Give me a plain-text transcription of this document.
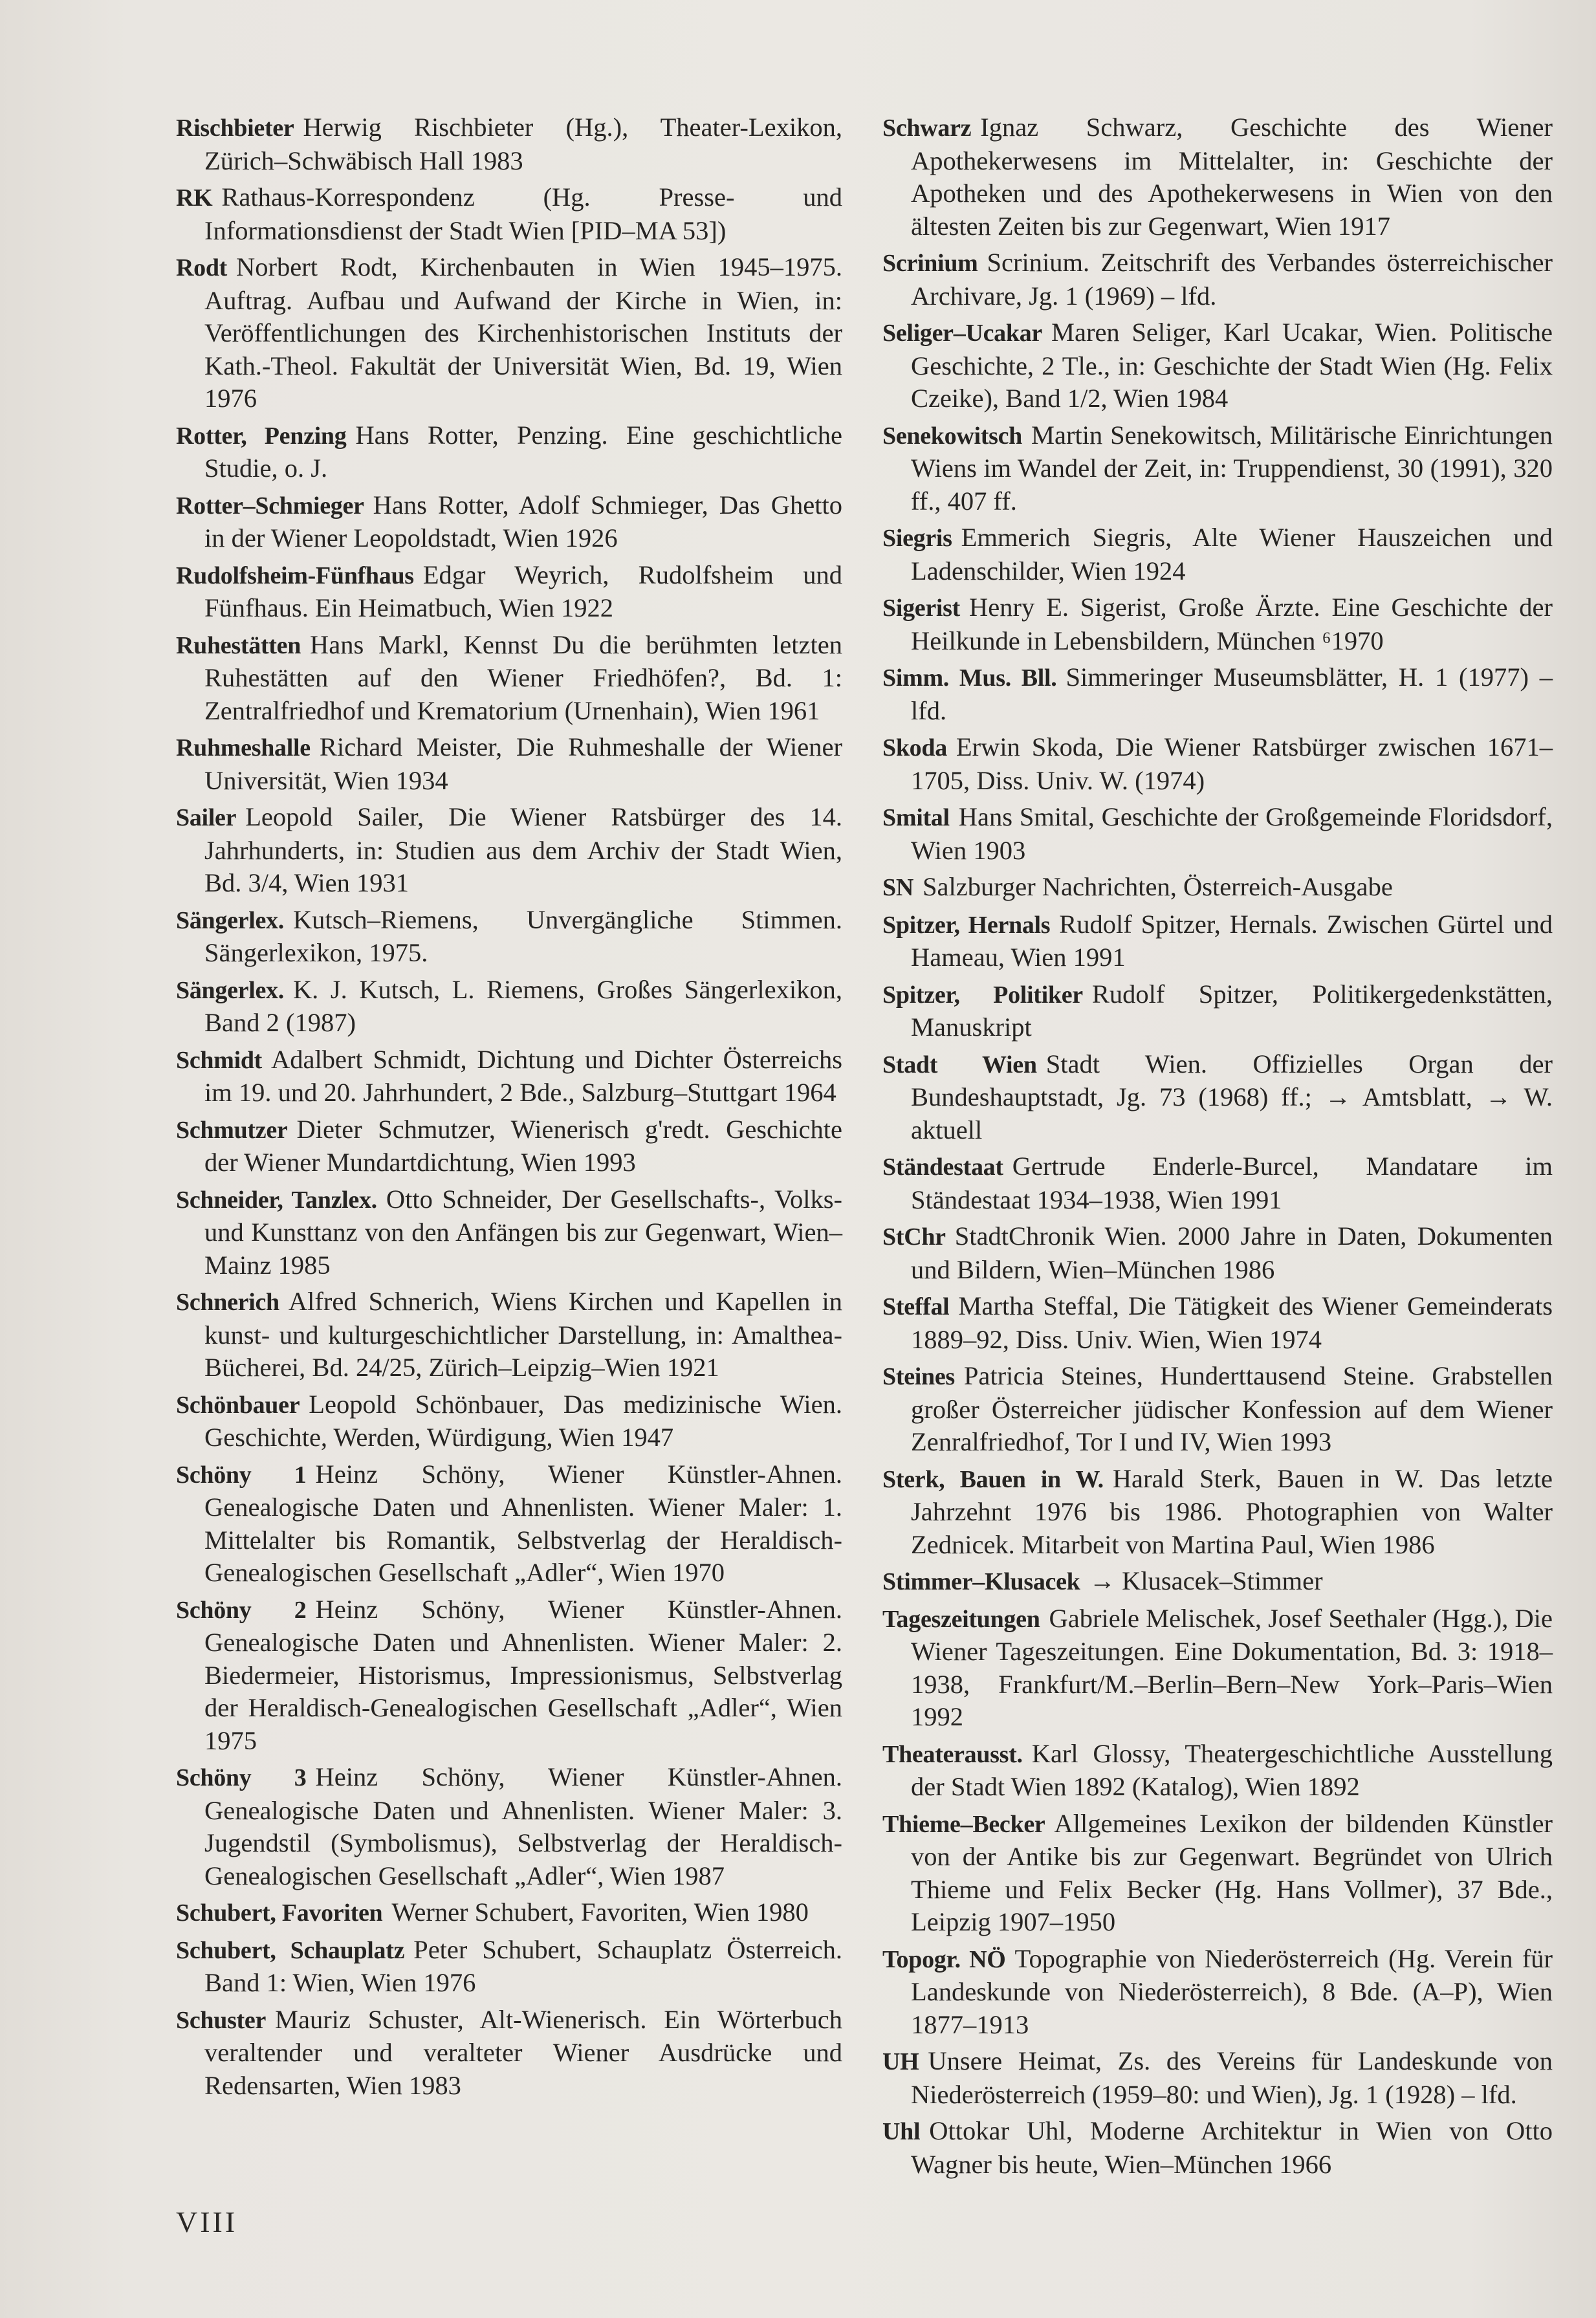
Rischbieter Herwig Rischbieter (Hg.), Theater-Lexikon, Zürich–Schwäbisch Hall 1983

RK Rathaus-Korrespondenz (Hg. Presse- und Informationsdienst der Stadt Wien [PID–MA 53])

Rodt Norbert Rodt, Kirchenbauten in Wien 1945–1975. Auftrag. Aufbau und Aufwand der Kirche in Wien, in: Veröffentlichungen des Kirchenhistorischen Instituts der Kath.-Theol. Fakultät der Universität Wien, Bd. 19, Wien 1976

Rotter, Penzing Hans Rotter, Penzing. Eine geschichtliche Studie, o. J.

Rotter–Schmieger Hans Rotter, Adolf Schmieger, Das Ghetto in der Wiener Leopoldstadt, Wien 1926

Rudolfsheim-Fünfhaus Edgar Weyrich, Rudolfsheim und Fünfhaus. Ein Heimatbuch, Wien 1922

Ruhestätten Hans Markl, Kennst Du die berühmten letzten Ruhestätten auf den Wiener Friedhöfen?, Bd. 1: Zentralfriedhof und Krematorium (Urnenhain), Wien 1961

Ruhmeshalle Richard Meister, Die Ruhmeshalle der Wiener Universität, Wien 1934

Sailer Leopold Sailer, Die Wiener Ratsbürger des 14. Jahrhunderts, in: Studien aus dem Archiv der Stadt Wien, Bd. 3/4, Wien 1931

Sängerlex. Kutsch–Riemens, Unvergängliche Stimmen. Sängerlexikon, 1975.

Sängerlex. K. J. Kutsch, L. Riemens, Großes Sängerlexikon, Band 2 (1987)

Schmidt Adalbert Schmidt, Dichtung und Dichter Österreichs im 19. und 20. Jahrhundert, 2 Bde., Salzburg–Stuttgart 1964

Schmutzer Dieter Schmutzer, Wienerisch g'redt. Geschichte der Wiener Mundartdichtung, Wien 1993

Schneider, Tanzlex. Otto Schneider, Der Gesellschafts-, Volks- und Kunsttanz von den Anfängen bis zur Gegenwart, Wien–Mainz 1985

Schnerich Alfred Schnerich, Wiens Kirchen und Kapellen in kunst- und kulturgeschichtlicher Darstellung, in: Amalthea-Bücherei, Bd. 24/25, Zürich–Leipzig–Wien 1921

Schönbauer Leopold Schönbauer, Das medizinische Wien. Geschichte, Werden, Würdigung, Wien 1947

Schöny 1 Heinz Schöny, Wiener Künstler-Ahnen. Genealogische Daten und Ahnenlisten. Wiener Maler: 1. Mittelalter bis Romantik, Selbstverlag der Heraldisch-Genealogischen Gesellschaft „Adler“, Wien 1970

Schöny 2 Heinz Schöny, Wiener Künstler-Ahnen. Genealogische Daten und Ahnenlisten. Wiener Maler: 2. Biedermeier, Historismus, Impressionismus, Selbstverlag der Heraldisch-Genealogischen Gesellschaft „Adler“, Wien 1975

Schöny 3 Heinz Schöny, Wiener Künstler-Ahnen. Genealogische Daten und Ahnenlisten. Wiener Maler: 3. Jugendstil (Symbolismus), Selbstverlag der Heraldisch-Genealogischen Gesellschaft „Adler“, Wien 1987

Schubert, Favoriten Werner Schubert, Favoriten, Wien 1980

Schubert, Schauplatz Peter Schubert, Schauplatz Österreich. Band 1: Wien, Wien 1976

Schuster Mauriz Schuster, Alt-Wienerisch. Ein Wörterbuch veraltender und veralteter Wiener Ausdrücke und Redensarten, Wien 1983

Schwarz Ignaz Schwarz, Geschichte des Wiener Apothekerwesens im Mittelalter, in: Geschichte der Apotheken und des Apothekerwesens in Wien von den ältesten Zeiten bis zur Gegenwart, Wien 1917

Scrinium Scrinium. Zeitschrift des Verbandes österreichischer Archivare, Jg. 1 (1969) – lfd.

Seliger–Ucakar Maren Seliger, Karl Ucakar, Wien. Politische Geschichte, 2 Tle., in: Geschichte der Stadt Wien (Hg. Felix Czeike), Band 1/2, Wien 1984

Senekowitsch Martin Senekowitsch, Militärische Einrichtungen Wiens im Wandel der Zeit, in: Truppendienst, 30 (1991), 320 ff., 407 ff.

Siegris Emmerich Siegris, Alte Wiener Hauszeichen und Ladenschilder, Wien 1924

Sigerist Henry E. Sigerist, Große Ärzte. Eine Geschichte der Heilkunde in Lebensbildern, München ⁶1970

Simm. Mus. Bll. Simmeringer Museumsblätter, H. 1 (1977) – lfd.

Skoda Erwin Skoda, Die Wiener Ratsbürger zwischen 1671–1705, Diss. Univ. W. (1974)

Smital Hans Smital, Geschichte der Großgemeinde Floridsdorf, Wien 1903

SN Salzburger Nachrichten, Österreich-Ausgabe

Spitzer, Hernals Rudolf Spitzer, Hernals. Zwischen Gürtel und Hameau, Wien 1991

Spitzer, Politiker Rudolf Spitzer, Politikergedenkstätten, Manuskript

Stadt Wien Stadt Wien. Offizielles Organ der Bundeshauptstadt, Jg. 73 (1968) ff.; → Amtsblatt, → W. aktuell

Ständestaat Gertrude Enderle-Burcel, Mandatare im Ständestaat 1934–1938, Wien 1991

StChr StadtChronik Wien. 2000 Jahre in Daten, Dokumenten und Bildern, Wien–München 1986

Steffal Martha Steffal, Die Tätigkeit des Wiener Gemeinderats 1889–92, Diss. Univ. Wien, Wien 1974

Steines Patricia Steines, Hunderttausend Steine. Grabstellen großer Österreicher jüdischer Konfession auf dem Wiener Zenralfriedhof, Tor I und IV, Wien 1993

Sterk, Bauen in W. Harald Sterk, Bauen in W. Das letzte Jahrzehnt 1976 bis 1986. Photographien von Walter Zednicek. Mitarbeit von Martina Paul, Wien 1986

Stimmer–Klusacek → Klusacek–Stimmer

Tageszeitungen Gabriele Melischek, Josef Seethaler (Hgg.), Die Wiener Tageszeitungen. Eine Dokumentation, Bd. 3: 1918–1938, Frankfurt/M.–Berlin–Bern–New York–Paris–Wien 1992

Theaterausst. Karl Glossy, Theatergeschichtliche Ausstellung der Stadt Wien 1892 (Katalog), Wien 1892

Thieme–Becker Allgemeines Lexikon der bildenden Künstler von der Antike bis zur Gegenwart. Begründet von Ulrich Thieme und Felix Becker (Hg. Hans Vollmer), 37 Bde., Leipzig 1907–1950

Topogr. NÖ Topographie von Niederösterreich (Hg. Verein für Landeskunde von Niederösterreich), 8 Bde. (A–P), Wien 1877–1913

UH Unsere Heimat, Zs. des Vereins für Landeskunde von Niederösterreich (1959–80: und Wien), Jg. 1 (1928) – lfd.

Uhl Ottokar Uhl, Moderne Architektur in Wien von Otto Wagner bis heute, Wien–München 1966

VIII
